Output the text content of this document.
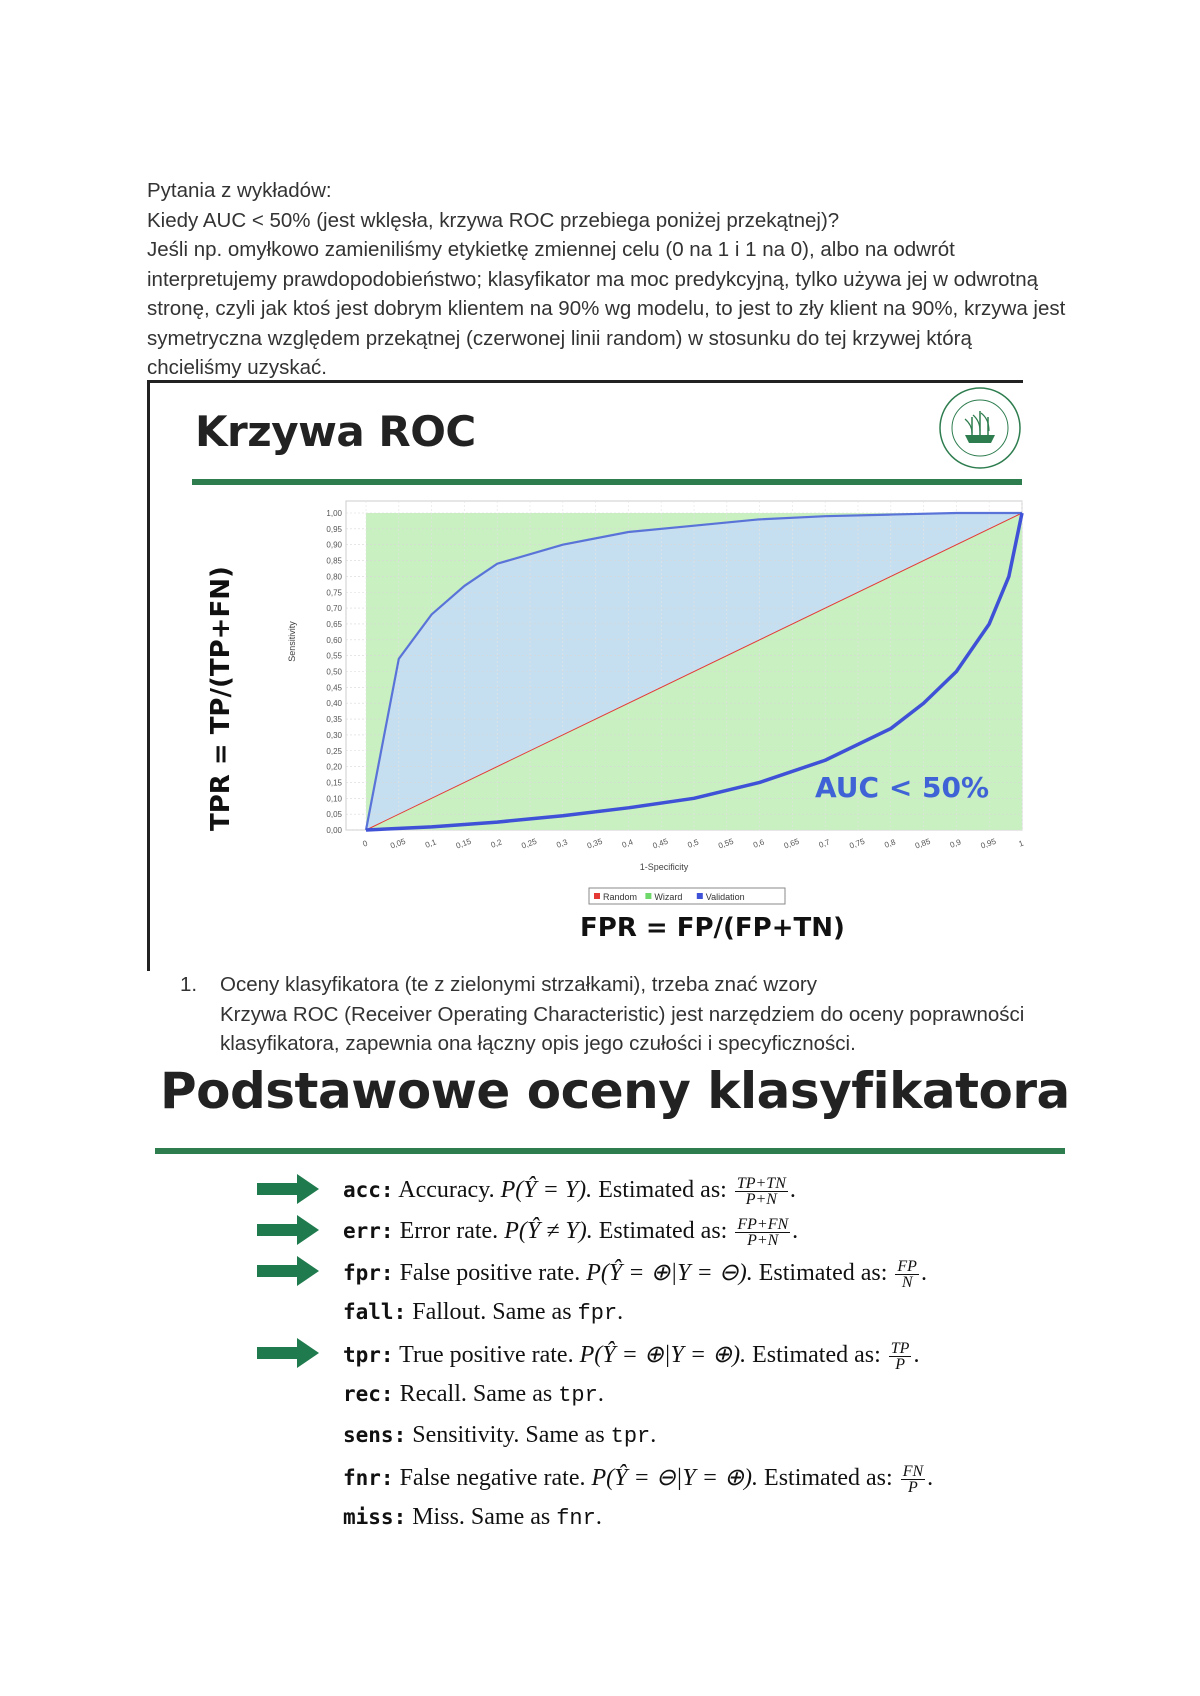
Pytania z wykładów:
Kiedy AUC < 50% (jest wklęsła, krzywa ROC przebiega poniżej przekątnej)?
Jeśli np. omyłkowo zamieniliśmy etykietkę zmiennej celu (0 na 1 i 1 na 0), albo na odwrót interpretujemy prawdopodobieństwo; klasyfikator ma moc predykcyjną, tylko używa jej w odwrotną stronę, czyli jak ktoś jest dobrym klientem na 90% wg modelu, to jest to zły klient na 90%, krzywa jest symetryczna względem przekątnej (czerwonej linii random) w stosunku do tej krzywej którą chcieliśmy uzyskać.
Krzywa ROC
0,00
0,05
0,10
0,15
0,20
0,25
0,30
0,35
0,40
0,45
0,50
0,55
0,60
0,65
0,70
0,75
0,80
0,85
0,90
0,95
1,00
0	0,05 0,1 0,15 0,2 0,25 0,3 0,35 0,4 0,45 0,5 0,55 0,6 0,65 0,7 0,75 0,8 0,85 0,9 0,95	1
1-Specificity
Sensitivity
Random Wizard	Validation
TPR = TP/(TP+FN)
FPR = FP/(FP+TN)
AUC < 50%
1. Oceny klasyfikatora (te z zielonymi strzałkami), trzeba znać wzory
Krzywa ROC (Receiver Operating Characteristic) jest narzędziem do oceny poprawności klasyfikatora, zapewnia ona łączny opis jego czułości i specyficzności.
Podstawowe oceny klasyfikatora
acc: Accuracy. P(Ŷ = Y). Estimated as: $\frac{TP+TN}{P+N}$ .
err: Error rate. P(Ŷ ≠ Y). Estimated as: $\frac{FP+FN}{P+N}$ .
fpr: False positive rate. P(Ŷ = ⊕|Y = ⊖). Estimated as: $\frac{FP}{N}$ .
fall: Fallout. Same as fpr.
tpr: True positive rate. P(Ŷ = ⊕|Y = ⊕). Estimated as: $\frac{TP}{P}$ .
rec: Recall. Same as tpr.
sens: Sensitivity. Same as tpr.
fnr: False negative rate. P(Ŷ = ⊖|Y = ⊕). Estimated as: $\frac{FN}{P}$ .
miss: Miss. Same as fnr.
